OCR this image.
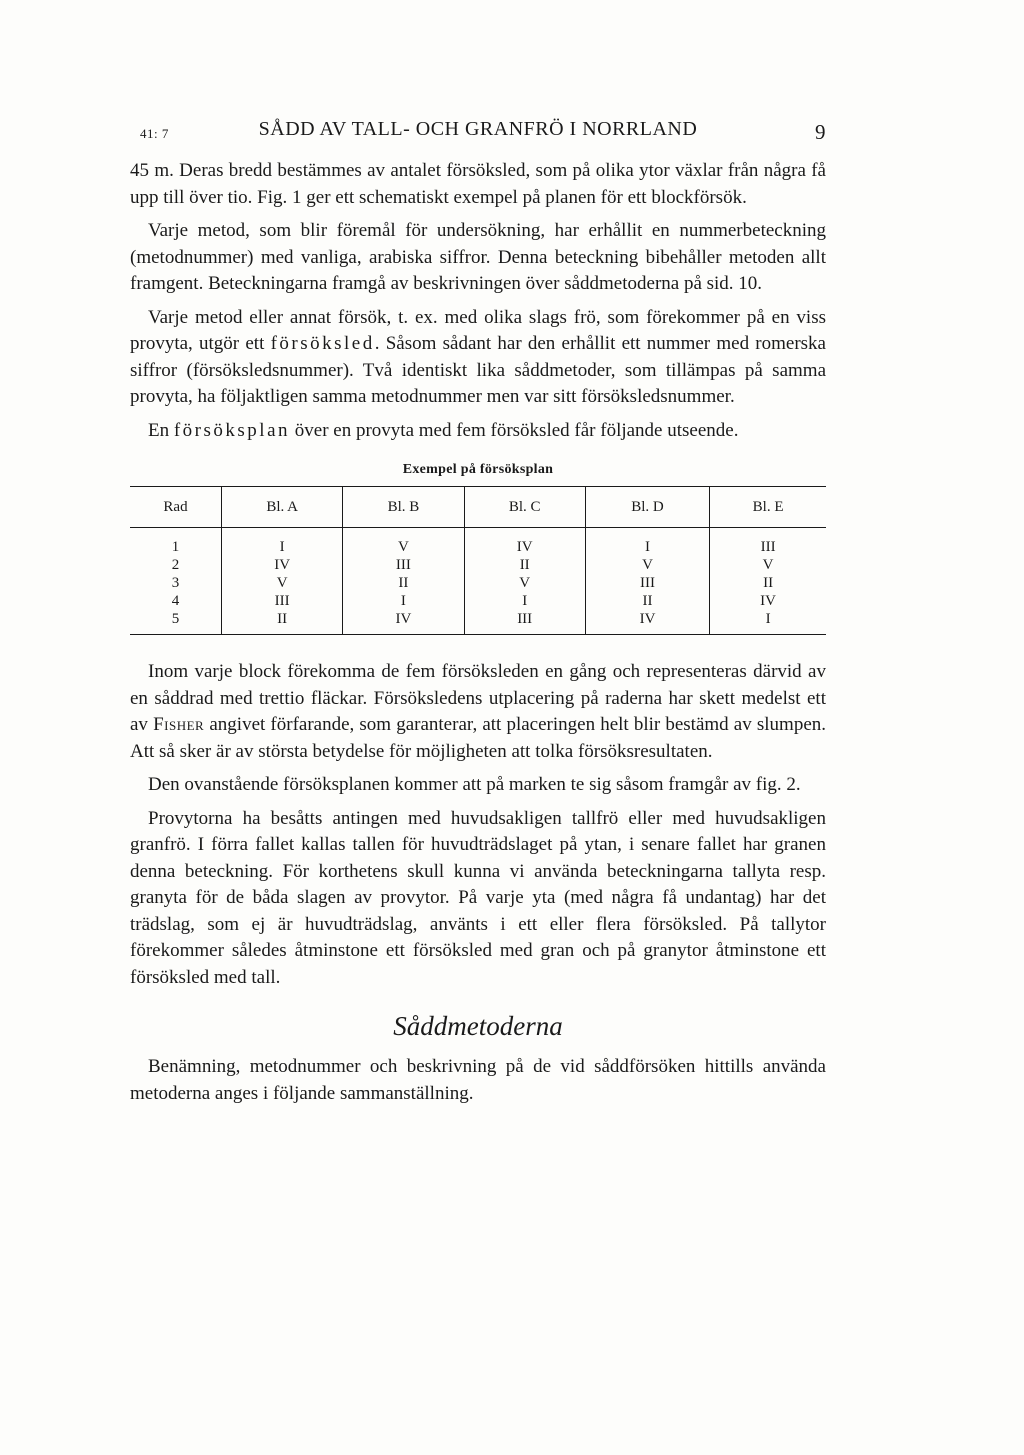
41: 7	SÅDD AV TALL- OCH GRANFRÖ I NORRLAND	9

45 m. Deras bredd bestämmes av antalet försöksled, som på olika ytor växlar från några få upp till över tio. Fig. 1 ger ett schematiskt exempel på planen för ett blockförsök.

Varje metod, som blir föremål för undersökning, har erhållit en nummerbeteckning (metodnummer) med vanliga, arabiska siffror. Denna beteckning bibehåller metoden allt framgent. Beteckningarna framgå av beskrivningen över såddmetoderna på sid. 10.

Varje metod eller annat försök, t. ex. med olika slags frö, som förekommer på en viss provyta, utgör ett försöksled. Såsom sådant har den erhållit ett nummer med romerska siffror (försöksledsnummer). Två identiskt lika såddmetoder, som tillämpas på samma provyta, ha följaktligen samma metodnummer men var sitt försöksledsnummer.

En försöksplan över en provyta med fem försöksled får följande utseende.

Exempel på försöksplan
Rad	Bl. A	Bl. B	Bl. C	Bl. D	Bl. E
1	I	V	IV	I	III
2	IV	III	II	V	V
3	V	II	V	III	II
4	III	I	I	II	IV
5	II	IV	III	IV	I

Inom varje block förekomma de fem försöksleden en gång och representeras därvid av en såddrad med trettio fläckar. Försöksledens utplacering på raderna har skett medelst ett av Fisher angivet förfarande, som garanterar, att placeringen helt blir bestämd av slumpen. Att så sker är av största betydelse för möjligheten att tolka försöksresultaten.

Den ovanstående försöksplanen kommer att på marken te sig såsom framgår av fig. 2.

Provytorna ha besåtts antingen med huvudsakligen tallfrö eller med huvudsakligen granfrö. I förra fallet kallas tallen för huvudträdslaget på ytan, i senare fallet har granen denna beteckning. För korthetens skull kunna vi använda beteckningarna tallyta resp. granyta för de båda slagen av provytor. På varje yta (med några få undantag) har det trädslag, som ej är huvudträdslag, använts i ett eller flera försöksled. På tallytor förekommer således åtminstone ett försöksled med gran och på granytor åtminstone ett försöksled med tall.

Såddmetoderna

Benämning, metodnummer och beskrivning på de vid såddförsöken hittills använda metoderna anges i följande sammanställning.
